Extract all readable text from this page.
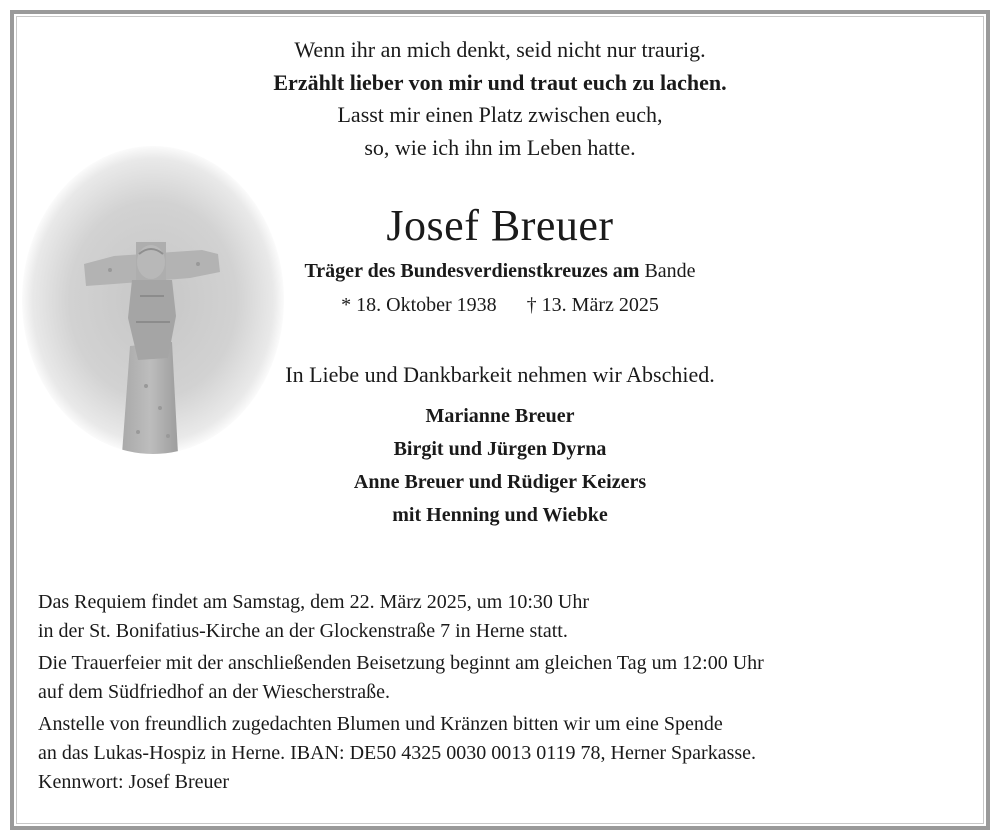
Wenn ihr an mich denkt, seid nicht nur traurig.
Erzählt lieber von mir und traut euch zu lachen.
Lasst mir einen Platz zwischen euch,
so, wie ich ihn im Leben hatte.
Josef Breuer
Träger des Bundesverdienstkreuzes am Bande
* 18. Oktober 1938 † 13. März 2025
In Liebe und Dankbarkeit nehmen wir Abschied.
Marianne Breuer
Birgit und Jürgen Dyrna
Anne Breuer und Rüdiger Keizers
mit Henning und Wiebke
Das Requiem findet am Samstag, dem 22. März 2025, um 10:30 Uhr
in der St. Bonifatius-Kirche an der Glockenstraße 7 in Herne statt.
Die Trauerfeier mit der anschließenden Beisetzung beginnt am gleichen Tag um 12:00 Uhr
auf dem Südfriedhof an der Wiescherstraße.
Anstelle von freundlich zugedachten Blumen und Kränzen bitten wir um eine Spende
an das Lukas-Hospiz in Herne. IBAN: DE50 4325 0030 0013 0119 78, Herner Sparkasse.
Kennwort: Josef Breuer
